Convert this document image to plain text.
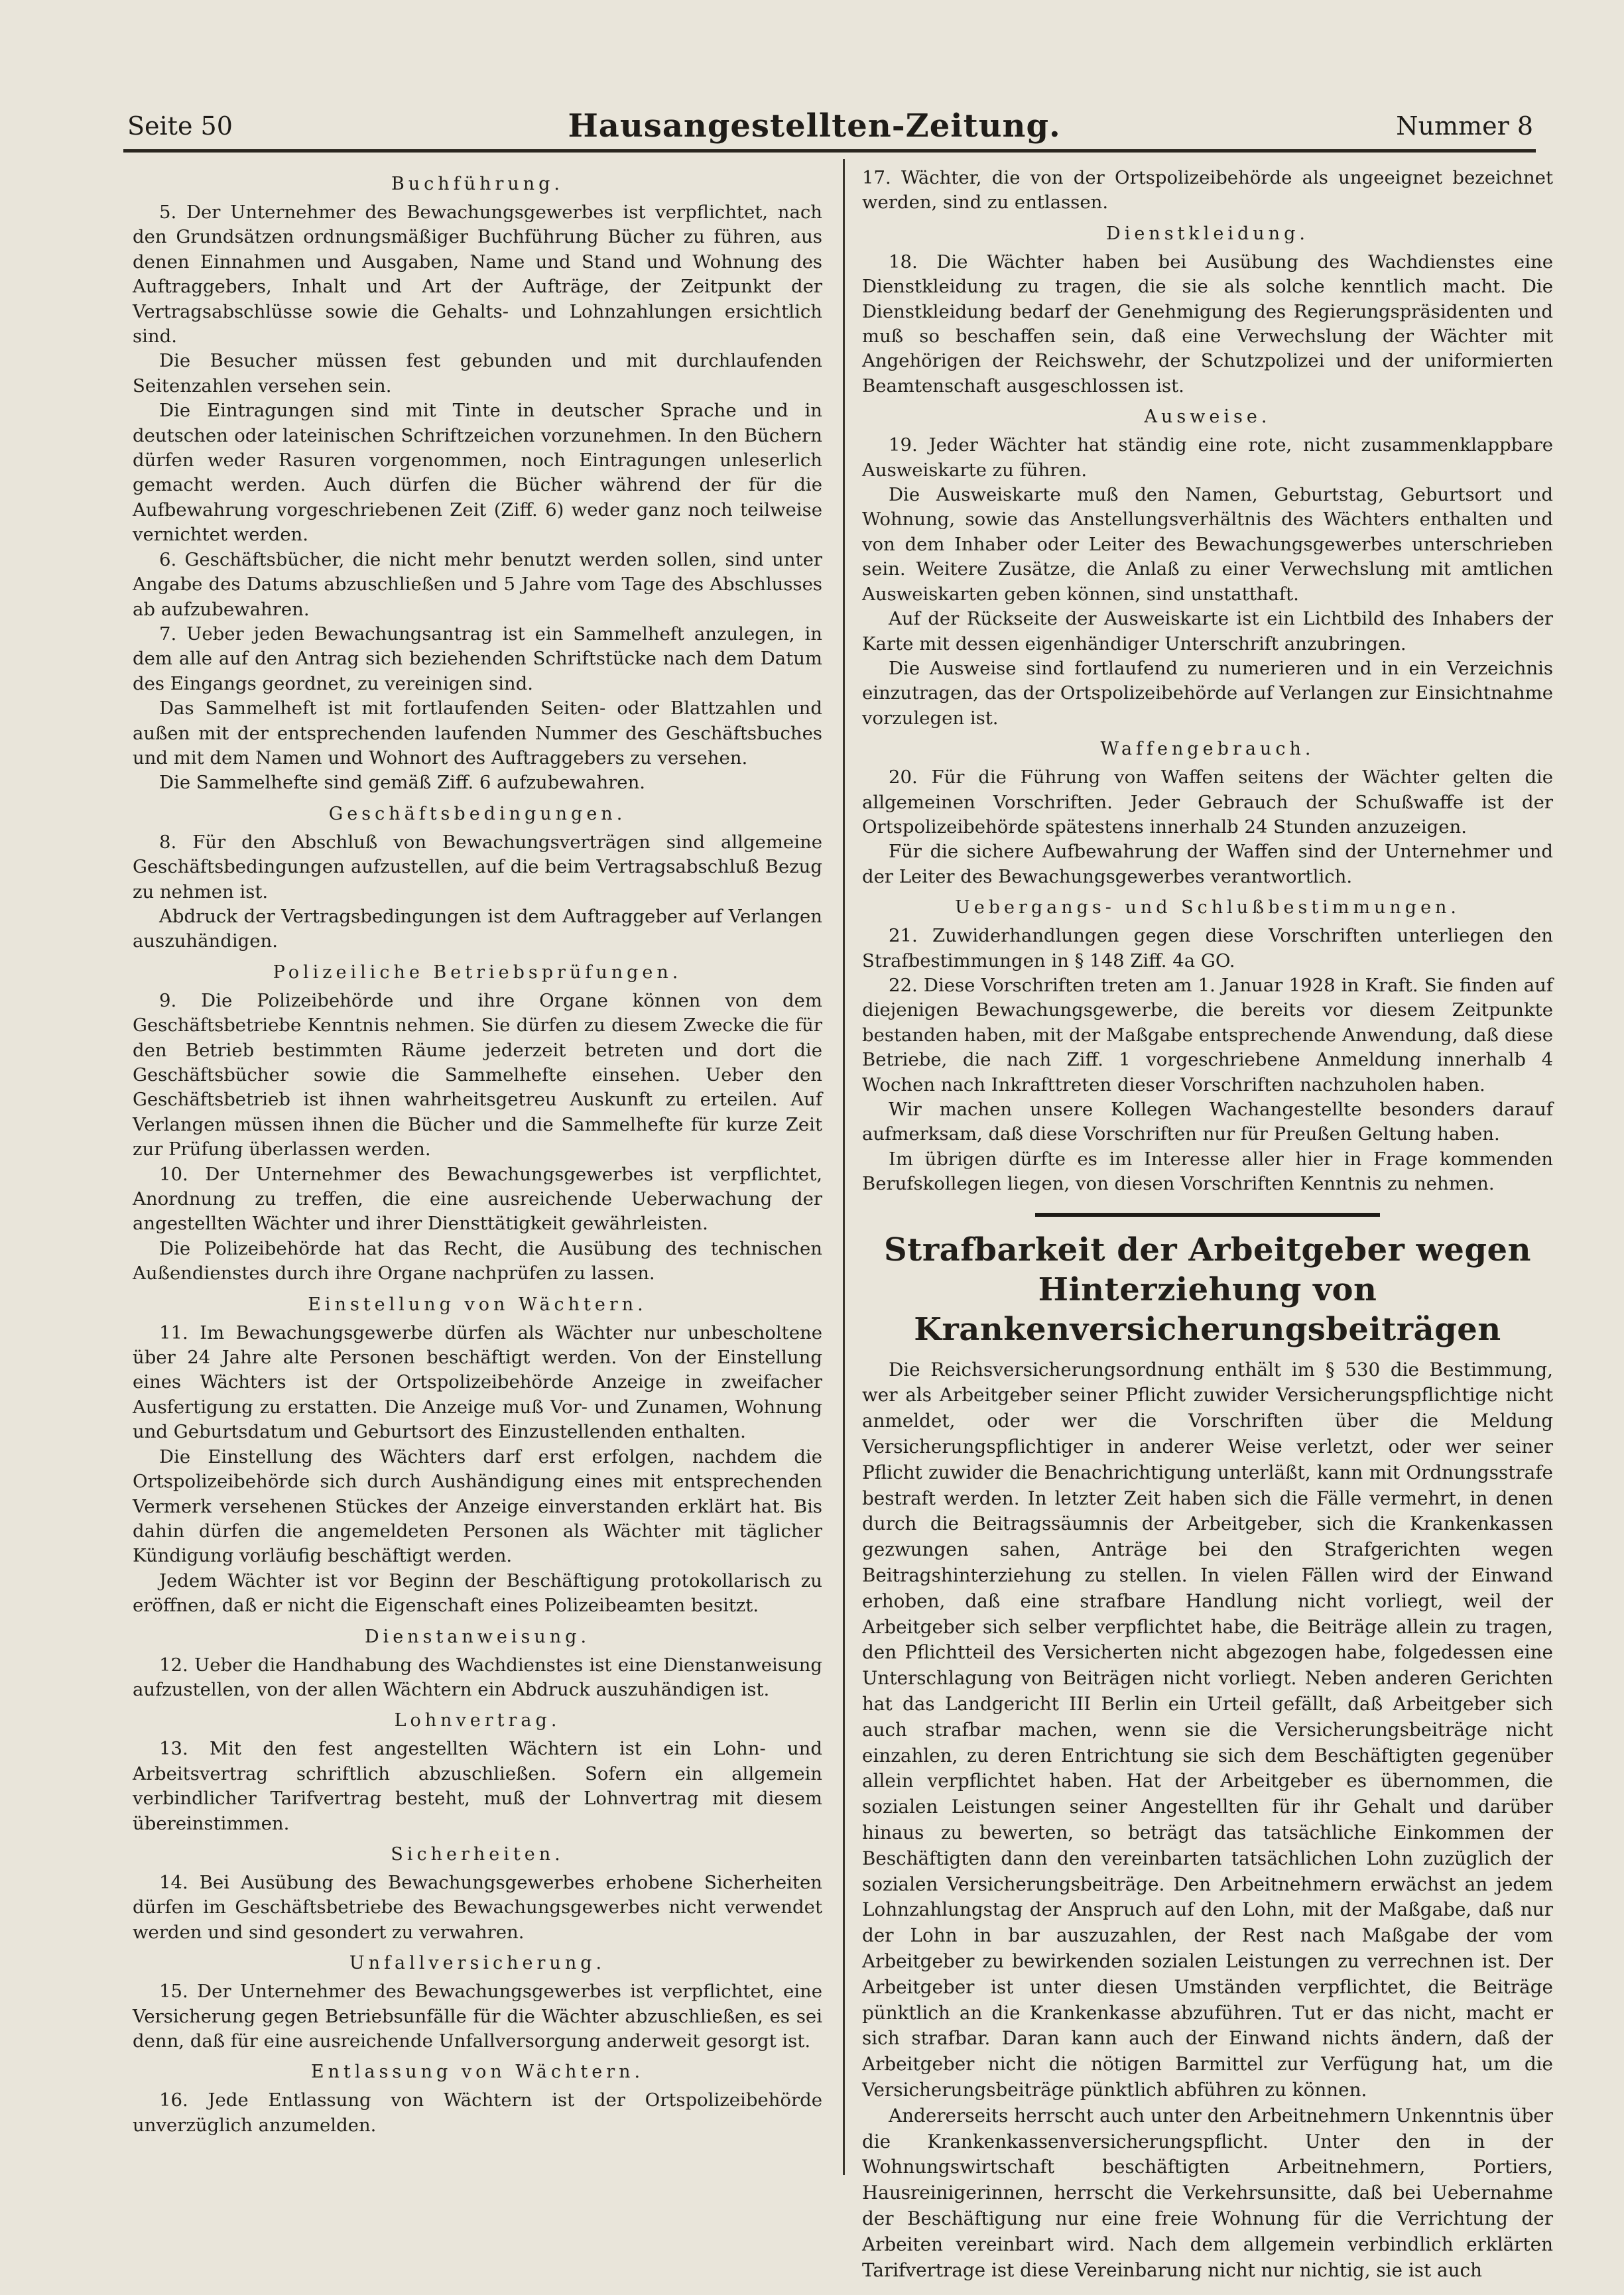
Seite 50	Hausangestellten-Zeitung.	Nummer 8
Buchführung.

5. Der Unternehmer des Bewachungsgewerbes ist verpflichtet, nach den Grundsätzen ordnungsmäßiger Buchführung Bücher zu führen, aus denen Einnahmen und Ausgaben, Name und Stand und Wohnung des Auftraggebers, Inhalt und Art der Aufträge, der Zeitpunkt der Vertragsabschlüsse sowie die Gehalts- und Lohnzahlungen ersichtlich sind.

Die Besucher müssen fest gebunden und mit durchlaufenden Seitenzahlen versehen sein.

Die Eintragungen sind mit Tinte in deutscher Sprache und in deutschen oder lateinischen Schriftzeichen vorzunehmen. In den Büchern dürfen weder Rasuren vorgenommen, noch Eintragungen unleserlich gemacht werden. Auch dürfen die Bücher während der für die Aufbewahrung vorgeschriebenen Zeit (Ziff. 6) weder ganz noch teilweise vernichtet werden.

6. Geschäftsbücher, die nicht mehr benutzt werden sollen, sind unter Angabe des Datums abzuschließen und 5 Jahre vom Tage des Abschlusses ab aufzubewahren.

7. Ueber jeden Bewachungsantrag ist ein Sammelheft anzulegen, in dem alle auf den Antrag sich beziehenden Schriftstücke nach dem Datum des Eingangs geordnet, zu vereinigen sind.

Das Sammelheft ist mit fortlaufenden Seiten- oder Blattzahlen und außen mit der entsprechenden laufenden Nummer des Geschäftsbuches und mit dem Namen und Wohnort des Auftraggebers zu versehen.

Die Sammelhefte sind gemäß Ziff. 6 aufzubewahren.

Geschäftsbedingungen.

8. Für den Abschluß von Bewachungsverträgen sind allgemeine Geschäftsbedingungen aufzustellen, auf die beim Vertragsabschluß Bezug zu nehmen ist.

Abdruck der Vertragsbedingungen ist dem Auftraggeber auf Verlangen auszuhändigen.

Polizeiliche Betriebsprüfungen.

9. Die Polizeibehörde und ihre Organe können von dem Geschäftsbetriebe Kenntnis nehmen. Sie dürfen zu diesem Zwecke die für den Betrieb bestimmten Räume jederzeit betreten und dort die Geschäftsbücher sowie die Sammelhefte einsehen. Ueber den Geschäftsbetrieb ist ihnen wahrheitsgetreu Auskunft zu erteilen. Auf Verlangen müssen ihnen die Bücher und die Sammelhefte für kurze Zeit zur Prüfung überlassen werden.

10. Der Unternehmer des Bewachungsgewerbes ist verpflichtet, Anordnung zu treffen, die eine ausreichende Ueberwachung der angestellten Wächter und ihrer Diensttätigkeit gewährleisten.

Die Polizeibehörde hat das Recht, die Ausübung des technischen Außendienstes durch ihre Organe nachprüfen zu lassen.

Einstellung von Wächtern.

11. Im Bewachungsgewerbe dürfen als Wächter nur unbescholtene über 24 Jahre alte Personen beschäftigt werden. Von der Einstellung eines Wächters ist der Ortspolizeibehörde Anzeige in zweifacher Ausfertigung zu erstatten. Die Anzeige muß Vor- und Zunamen, Wohnung und Geburtsdatum und Geburtsort des Einzustellenden enthalten.

Die Einstellung des Wächters darf erst erfolgen, nachdem die Ortspolizeibehörde sich durch Aushändigung eines mit entsprechenden Vermerk versehenen Stückes der Anzeige einverstanden erklärt hat. Bis dahin dürfen die angemeldeten Personen als Wächter mit täglicher Kündigung vorläufig beschäftigt werden.

Jedem Wächter ist vor Beginn der Beschäftigung protokollarisch zu eröffnen, daß er nicht die Eigenschaft eines Polizeibeamten besitzt.

Dienstanweisung.

12. Ueber die Handhabung des Wachdienstes ist eine Dienstanweisung aufzustellen, von der allen Wächtern ein Abdruck auszuhändigen ist.

Lohnvertrag.

13. Mit den fest angestellten Wächtern ist ein Lohn- und Arbeitsvertrag schriftlich abzuschließen. Sofern ein allgemein verbindlicher Tarifvertrag besteht, muß der Lohnvertrag mit diesem übereinstimmen.

Sicherheiten.

14. Bei Ausübung des Bewachungsgewerbes erhobene Sicherheiten dürfen im Geschäftsbetriebe des Bewachungsgewerbes nicht verwendet werden und sind gesondert zu verwahren.

Unfallversicherung.

15. Der Unternehmer des Bewachungsgewerbes ist verpflichtet, eine Versicherung gegen Betriebsunfälle für die Wächter abzuschließen, es sei denn, daß für eine ausreichende Unfallversorgung anderweit gesorgt ist.

Entlassung von Wächtern.

16. Jede Entlassung von Wächtern ist der Ortspolizeibehörde unverzüglich anzumelden.

17. Wächter, die von der Ortspolizeibehörde als ungeeignet bezeichnet werden, sind zu entlassen.

Dienstkleidung.

18. Die Wächter haben bei Ausübung des Wachdienstes eine Dienstkleidung zu tragen, die sie als solche kenntlich macht. Die Dienstkleidung bedarf der Genehmigung des Regierungspräsidenten und muß so beschaffen sein, daß eine Verwechslung der Wächter mit Angehörigen der Reichswehr, der Schutzpolizei und der uniformierten Beamtenschaft ausgeschlossen ist.

Ausweise.

19. Jeder Wächter hat ständig eine rote, nicht zusammenklappbare Ausweiskarte zu führen.

Die Ausweiskarte muß den Namen, Geburtstag, Geburtsort und Wohnung, sowie das Anstellungsverhältnis des Wächters enthalten und von dem Inhaber oder Leiter des Bewachungsgewerbes unterschrieben sein. Weitere Zusätze, die Anlaß zu einer Verwechslung mit amtlichen Ausweiskarten geben können, sind unstatthaft.

Auf der Rückseite der Ausweiskarte ist ein Lichtbild des Inhabers der Karte mit dessen eigenhändiger Unterschrift anzubringen.

Die Ausweise sind fortlaufend zu numerieren und in ein Verzeichnis einzutragen, das der Ortspolizeibehörde auf Verlangen zur Einsichtnahme vorzulegen ist.

Waffengebrauch.

20. Für die Führung von Waffen seitens der Wächter gelten die allgemeinen Vorschriften. Jeder Gebrauch der Schußwaffe ist der Ortspolizeibehörde spätestens innerhalb 24 Stunden anzuzeigen.

Für die sichere Aufbewahrung der Waffen sind der Unternehmer und der Leiter des Bewachungsgewerbes verantwortlich.

Uebergangs- und Schlußbestimmungen.

21. Zuwiderhandlungen gegen diese Vorschriften unterliegen den Strafbestimmungen in § 148 Ziff. 4a GO.

22. Diese Vorschriften treten am 1. Januar 1928 in Kraft. Sie finden auf diejenigen Bewachungsgewerbe, die bereits vor diesem Zeitpunkte bestanden haben, mit der Maßgabe entsprechende Anwendung, daß diese Betriebe, die nach Ziff. 1 vorgeschriebene Anmeldung innerhalb 4 Wochen nach Inkrafttreten dieser Vorschriften nachzuholen haben.

Wir machen unsere Kollegen Wachangestellte besonders darauf aufmerksam, daß diese Vorschriften nur für Preußen Geltung haben.

Im übrigen dürfte es im Interesse aller hier in Frage kommenden Berufskollegen liegen, von diesen Vorschriften Kenntnis zu nehmen.

Strafbarkeit der Arbeitgeber wegen Hinterziehung von Krankenversicherungsbeiträgen

Die Reichsversicherungsordnung enthält im § 530 die Bestimmung, wer als Arbeitgeber seiner Pflicht zuwider Versicherungspflichtige nicht anmeldet, oder wer die Vorschriften über die Meldung Versicherungspflichtiger in anderer Weise verletzt, oder wer seiner Pflicht zuwider die Benachrichtigung unterläßt, kann mit Ordnungsstrafe bestraft werden. In letzter Zeit haben sich die Fälle vermehrt, in denen durch die Beitragssäumnis der Arbeitgeber, sich die Krankenkassen gezwungen sahen, Anträge bei den Strafgerichten wegen Beitragshinterziehung zu stellen. In vielen Fällen wird der Einwand erhoben, daß eine strafbare Handlung nicht vorliegt, weil der Arbeitgeber sich selber verpflichtet habe, die Beiträge allein zu tragen, den Pflichtteil des Versicherten nicht abgezogen habe, folgedessen eine Unterschlagung von Beiträgen nicht vorliegt. Neben anderen Gerichten hat das Landgericht III Berlin ein Urteil gefällt, daß Arbeitgeber sich auch strafbar machen, wenn sie die Versicherungsbeiträge nicht einzahlen, zu deren Entrichtung sie sich dem Beschäftigten gegenüber allein verpflichtet haben. Hat der Arbeitgeber es übernommen, die sozialen Leistungen seiner Angestellten für ihr Gehalt und darüber hinaus zu bewerten, so beträgt das tatsächliche Einkommen der Beschäftigten dann den vereinbarten tatsächlichen Lohn zuzüglich der sozialen Versicherungsbeiträge. Den Arbeitnehmern erwächst an jedem Lohnzahlungstag der Anspruch auf den Lohn, mit der Maßgabe, daß nur der Lohn in bar auszuzahlen, der Rest nach Maßgabe der vom Arbeitgeber zu bewirkenden sozialen Leistungen zu verrechnen ist. Der Arbeitgeber ist unter diesen Umständen verpflichtet, die Beiträge pünktlich an die Krankenkasse abzuführen. Tut er das nicht, macht er sich strafbar. Daran kann auch der Einwand nichts ändern, daß der Arbeitgeber nicht die nötigen Barmittel zur Verfügung hat, um die Versicherungsbeiträge pünktlich abführen zu können.

Andererseits herrscht auch unter den Arbeitnehmern Unkenntnis über die Krankenkassenversicherungspflicht. Unter den in der Wohnungswirtschaft beschäftigten Arbeitnehmern, Portiers, Hausreinigerinnen, herrscht die Verkehrsunsitte, daß bei Uebernahme der Beschäftigung nur eine freie Wohnung für die Verrichtung der Arbeiten vereinbart wird. Nach dem allgemein verbindlich erklärten Tarifvertrage ist diese Vereinbarung nicht nur nichtig, sie ist auch
